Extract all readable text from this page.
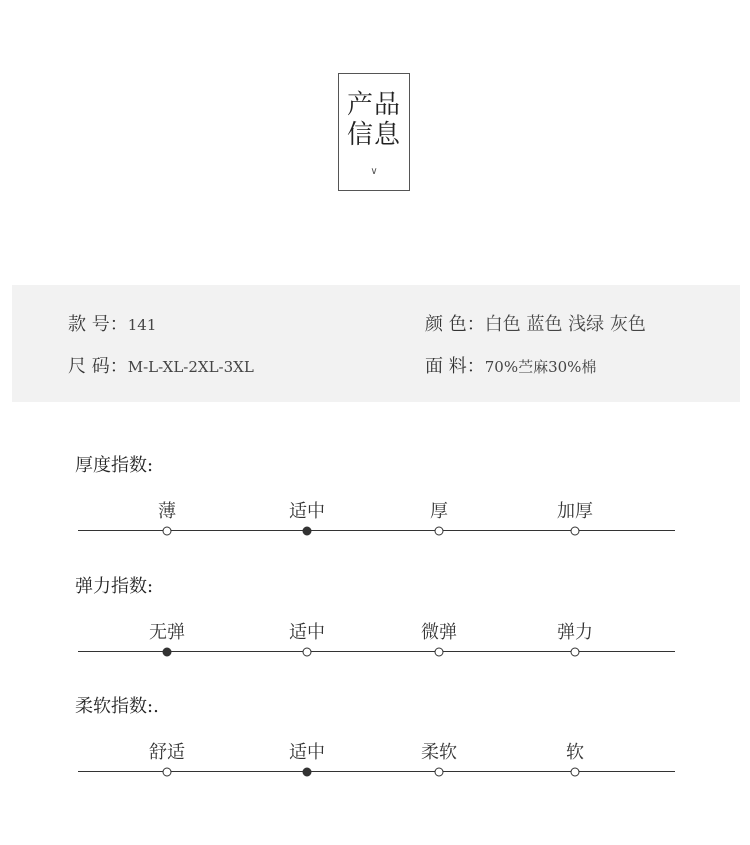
产品
信息
∨
款 号：141
尺 码：M-L-XL-2XL-3XL
颜 色：白色 蓝色 浅绿 灰色
面 料：70%苎麻30%棉
厚度指数:
薄	适中	厚	加厚
弹力指数:
无弹	适中	微弹	弹力
柔软指数:.
舒适	适中	柔软	软
